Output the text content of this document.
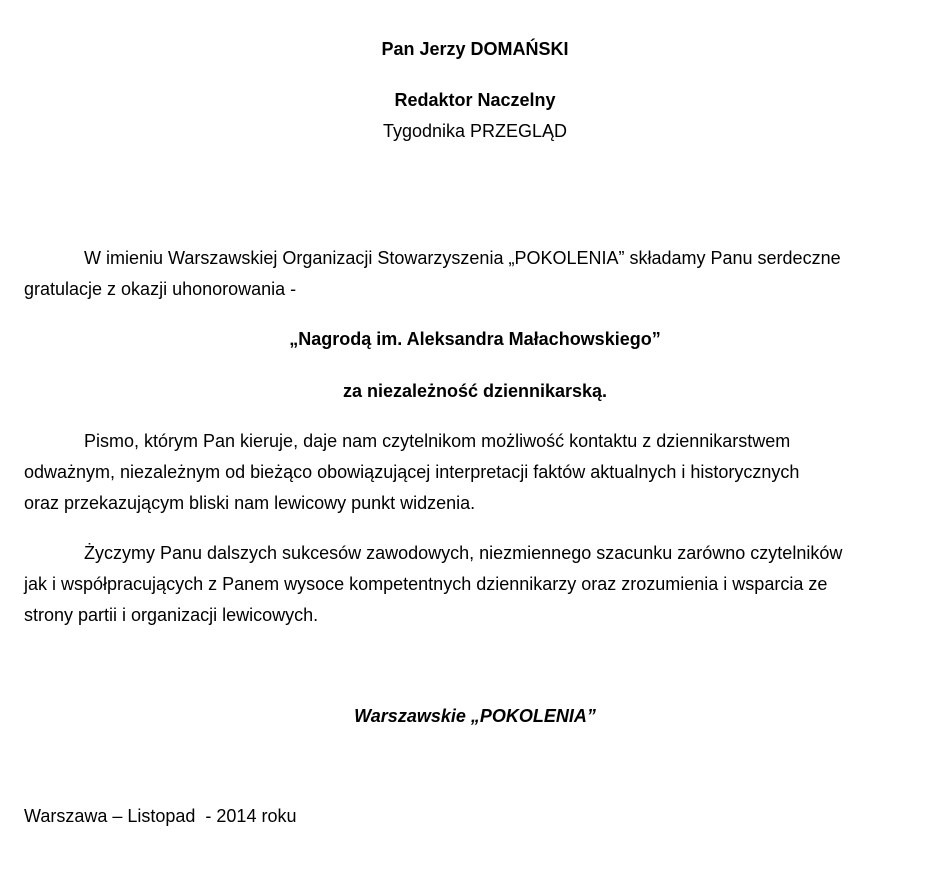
Pan Jerzy DOMAŃSKI
Redaktor Naczelny
Tygodnika PRZEGLĄD
W imieniu Warszawskiej Organizacji Stowarzyszenia „POKOLENIA” składamy Panu serdeczne
gratulacje z okazji uhonorowania -
„Nagrodą im. Aleksandra Małachowskiego”
za niezależność dziennikarską.
Pismo, którym Pan kieruje, daje nam czytelnikom możliwość kontaktu z dziennikarstwem
odważnym, niezależnym od bieżąco obowiązującej interpretacji faktów aktualnych i historycznych
oraz przekazującym bliski nam lewicowy punkt widzenia.
Życzymy Panu dalszych sukcesów zawodowych, niezmiennego szacunku zarówno czytelników
jak i współpracujących z Panem wysoce kompetentnych dziennikarzy oraz zrozumienia i wsparcia ze
strony partii i organizacji lewicowych.
Warszawskie „POKOLENIA”
Warszawa – Listopad  - 2014 roku
